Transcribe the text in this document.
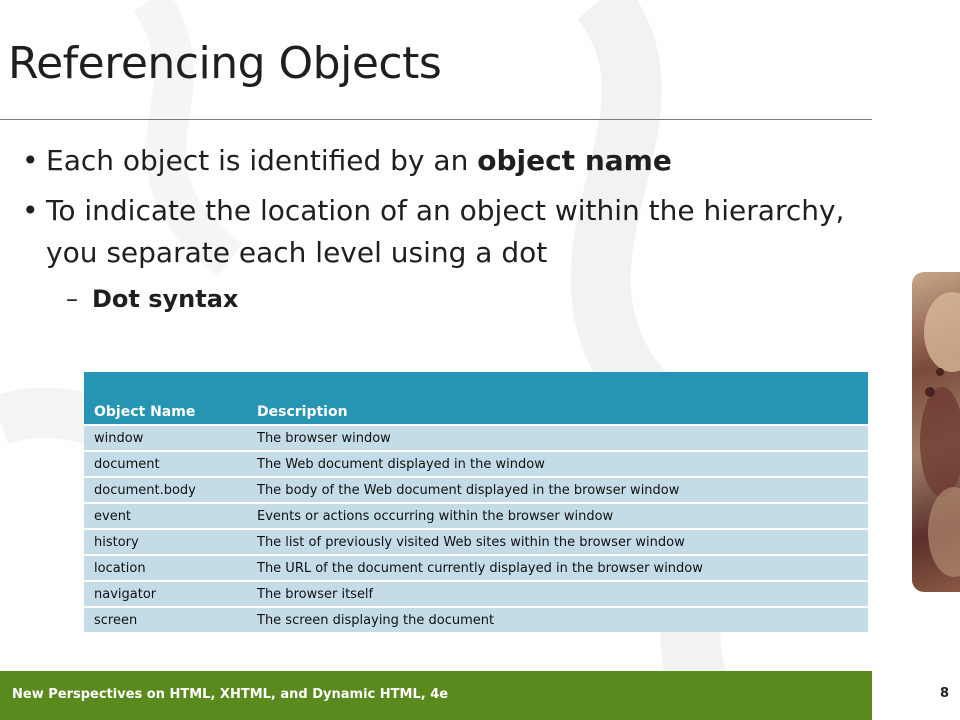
Referencing Objects
• Each object is identified by an object name
• To indicate the location of an object within the hierarchy, you separate each level using a dot
– Dot syntax
Object Name	Description
window	The browser window
document	The Web document displayed in the window
document.body	The body of the Web document displayed in the browser window
event	Events or actions occurring within the browser window
history	The list of previously visited Web sites within the browser window
location	The URL of the document currently displayed in the browser window
navigator	The browser itself
screen	The screen displaying the document
New Perspectives on HTML, XHTML, and Dynamic HTML, 4e	8
